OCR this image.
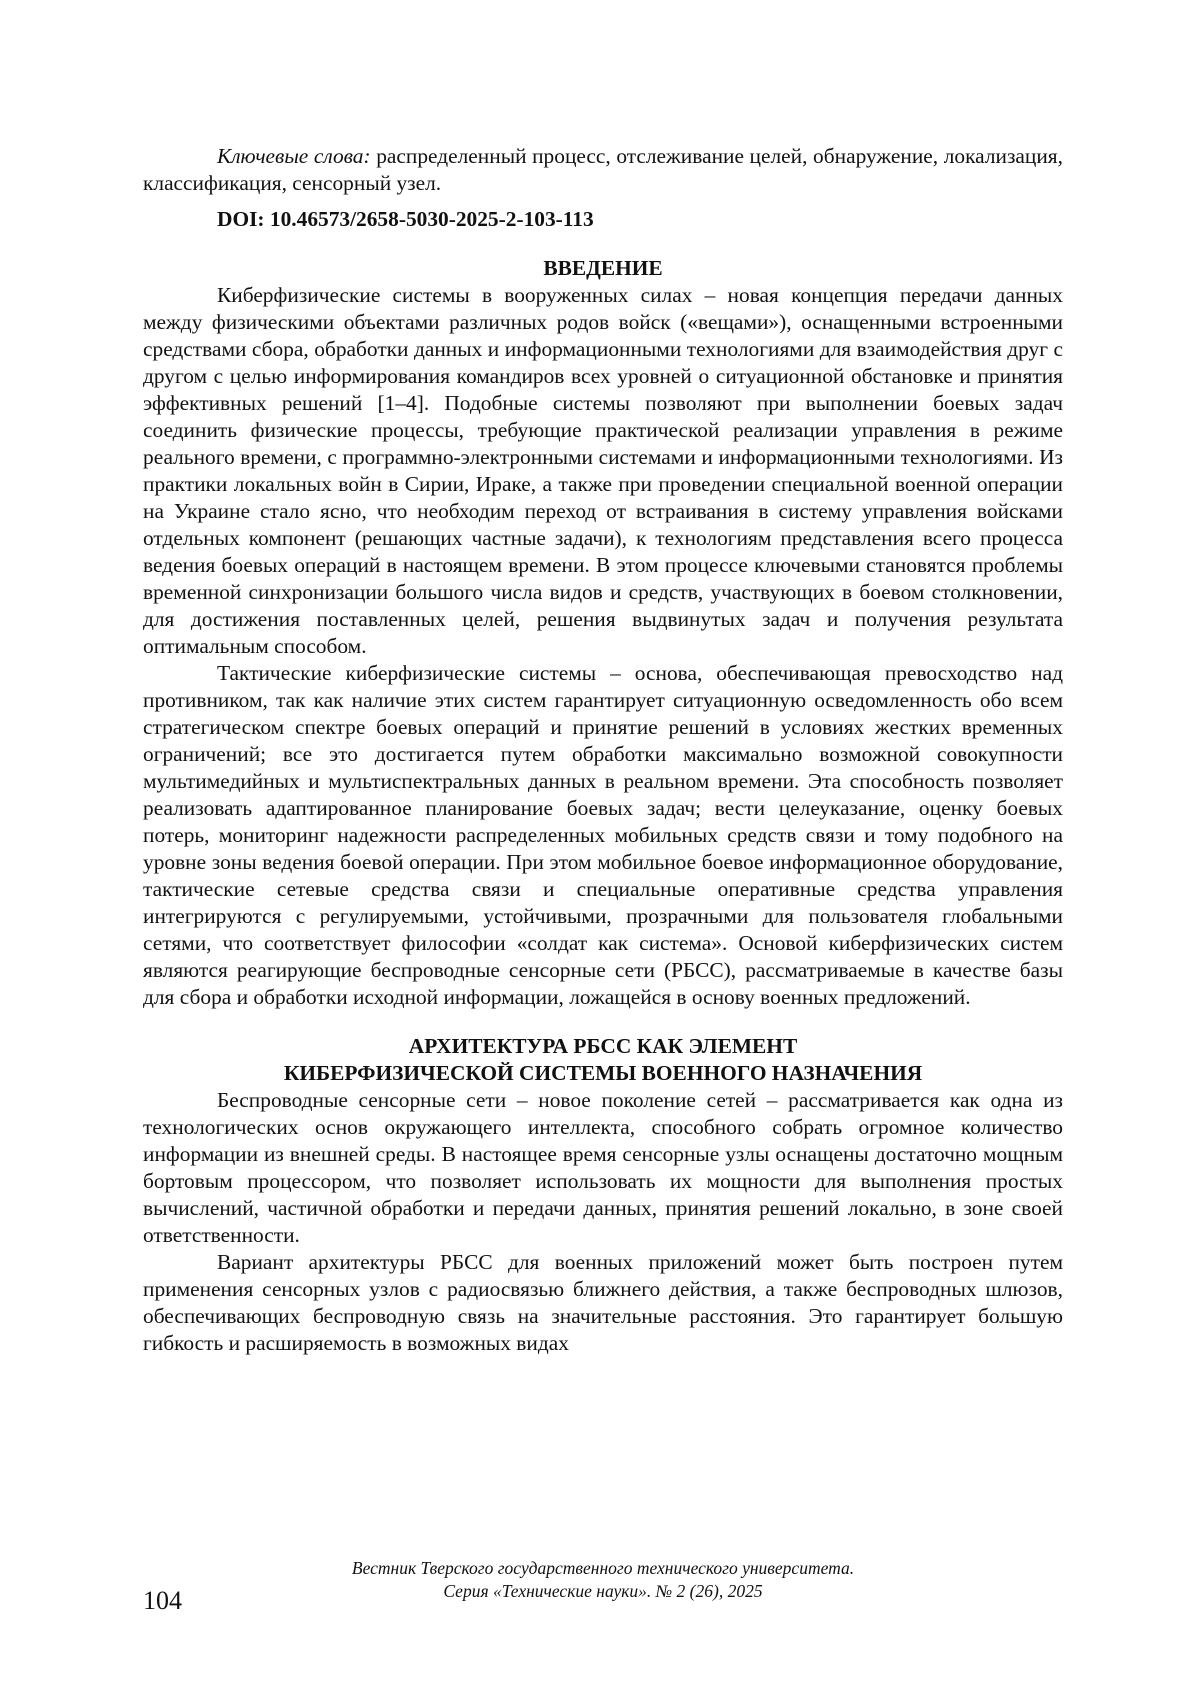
Ключевые слова: распределенный процесс, отслеживание целей, обнаружение, локализация, классификация, сенсорный узел.

DOI: 10.46573/2658-5030-2025-2-103-113

ВВЕДЕНИЕ

Киберфизические системы в вооруженных силах – новая концепция передачи данных между физическими объектами различных родов войск («вещами»), оснащенными встроенными средствами сбора, обработки данных и информационными технологиями для взаимодействия друг с другом с целью информирования командиров всех уровней о ситуационной обстановке и принятия эффективных решений [1–4]. Подобные системы позволяют при выполнении боевых задач соединить физические процессы, требующие практической реализации управления в режиме реального времени, с программно-электронными системами и информационными технологиями. Из практики локальных войн в Сирии, Ираке, а также при проведении специальной военной операции на Украине стало ясно, что необходим переход от встраивания в систему управления войсками отдельных компонент (решающих частные задачи), к технологиям представления всего процесса ведения боевых операций в настоящем времени. В этом процессе ключевыми становятся проблемы временной синхронизации большого числа видов и средств, участвующих в боевом столкновении, для достижения поставленных целей, решения выдвинутых задач и получения результата оптимальным способом.

Тактические киберфизические системы – основа, обеспечивающая превосходство над противником, так как наличие этих систем гарантирует ситуационную осведомленность обо всем стратегическом спектре боевых операций и принятие решений в условиях жестких временных ограничений; все это достигается путем обработки максимально возможной совокупности мультимедийных и мультиспектральных данных в реальном времени. Эта способность позволяет реализовать адаптированное планирование боевых задач; вести целеуказание, оценку боевых потерь, мониторинг надежности распределенных мобильных средств связи и тому подобного на уровне зоны ведения боевой операции. При этом мобильное боевое информационное оборудование, тактические сетевые средства связи и специальные оперативные средства управления интегрируются с регулируемыми, устойчивыми, прозрачными для пользователя глобальными сетями, что соответствует философии «солдат как система». Основой киберфизических систем являются реагирующие беспроводные сенсорные сети (РБСС), рассматриваемые в качестве базы для сбора и обработки исходной информации, ложащейся в основу военных предложений.

АРХИТЕКТУРА РБСС КАК ЭЛЕМЕНТ
КИБЕРФИЗИЧЕСКОЙ СИСТЕМЫ ВОЕННОГО НАЗНАЧЕНИЯ

Беспроводные сенсорные сети – новое поколение сетей – рассматривается как одна из технологических основ окружающего интеллекта, способного собрать огромное количество информации из внешней среды. В настоящее время сенсорные узлы оснащены достаточно мощным бортовым процессором, что позволяет использовать их мощности для выполнения простых вычислений, частичной обработки и передачи данных, принятия решений локально, в зоне своей ответственности.

Вариант архитектуры РБСС для военных приложений может быть построен путем применения сенсорных узлов с радиосвязью ближнего действия, а также беспроводных шлюзов, обеспечивающих беспроводную связь на значительные расстояния. Это гарантирует большую гибкость и расширяемость в возможных видах

Вестник Тверского государственного технического университета.
Серия «Технические науки». № 2 (26), 2025
104
